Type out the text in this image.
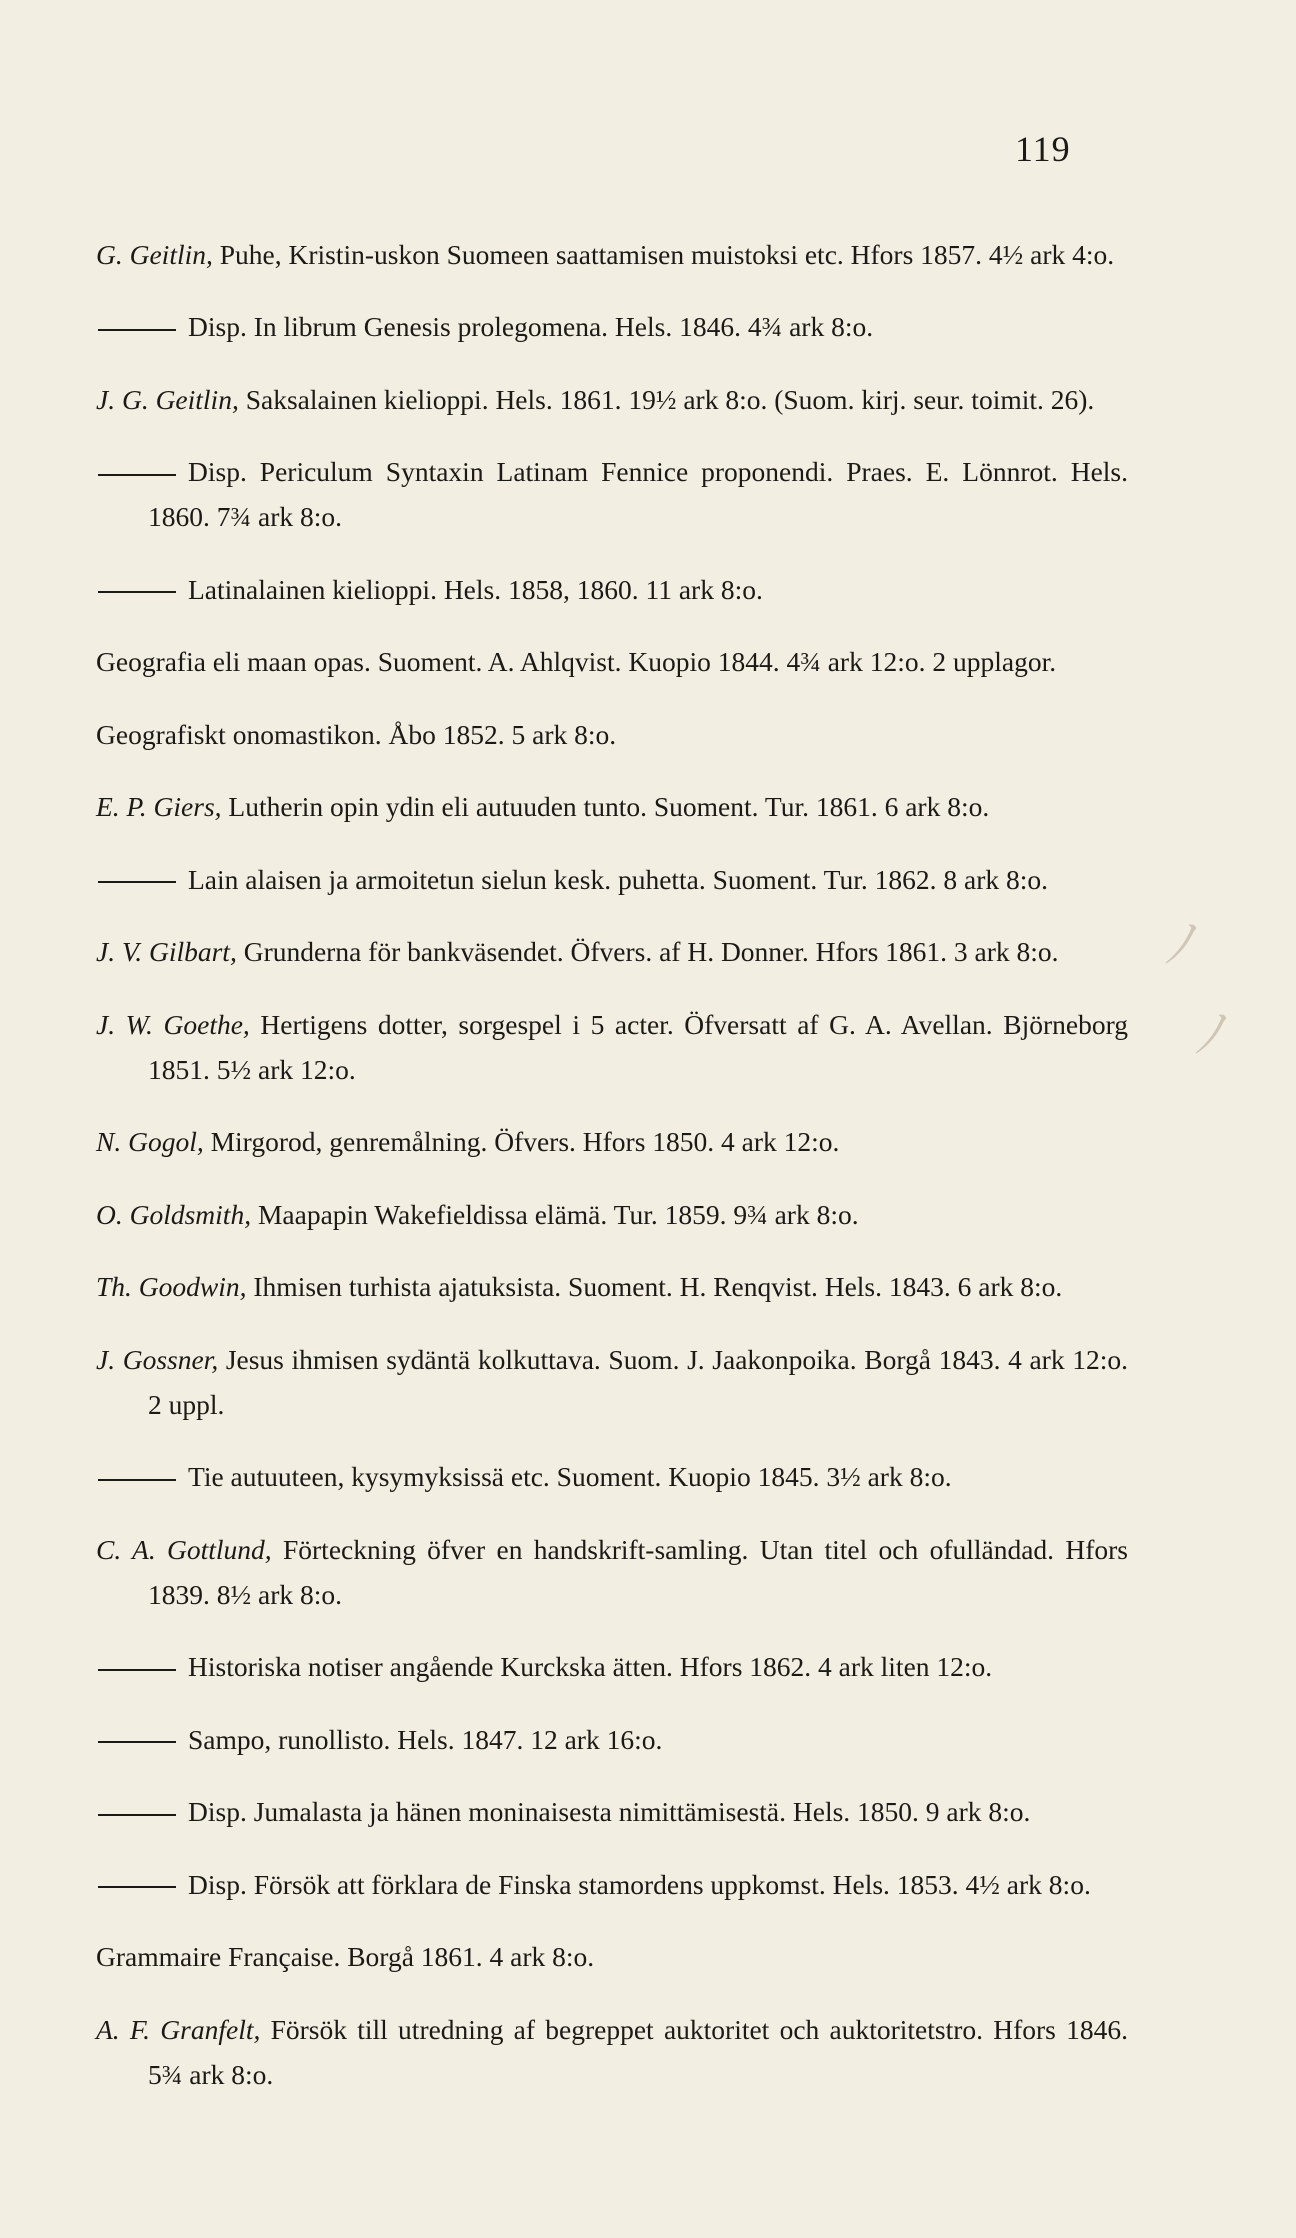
119

G. Geitlin, Puhe, Kristin-uskon Suomeen saattamisen muistoksi etc. Hfors 1857. 4½ ark 4:o.

Disp. In librum Genesis prolegomena. Hels. 1846. 4¾ ark 8:o.

J. G. Geitlin, Saksalainen kielioppi. Hels. 1861. 19½ ark 8:o. (Suom. kirj. seur. toimit. 26).

Disp. Periculum Syntaxin Latinam Fennice proponendi. Praes. E. Lönnrot. Hels. 1860. 7¾ ark 8:o.

Latinalainen kielioppi. Hels. 1858, 1860. 11 ark 8:o.

Geografia eli maan opas. Suoment. A. Ahlqvist. Kuopio 1844. 4¾ ark 12:o. 2 upplagor.

Geografiskt onomastikon. Åbo 1852. 5 ark 8:o.

E. P. Giers, Lutherin opin ydin eli autuuden tunto. Suoment. Tur. 1861. 6 ark 8:o.

Lain alaisen ja armoitetun sielun kesk. puhetta. Suoment. Tur. 1862. 8 ark 8:o.

J. V. Gilbart, Grunderna för bankväsendet. Öfvers. af H. Donner. Hfors 1861. 3 ark 8:o.

J. W. Goethe, Hertigens dotter, sorgespel i 5 acter. Öfversatt af G. A. Avellan. Björneborg 1851. 5½ ark 12:o.

N. Gogol, Mirgorod, genremålning. Öfvers. Hfors 1850. 4 ark 12:o.

O. Goldsmith, Maapapin Wakefieldissa elämä. Tur. 1859. 9¾ ark 8:o.

Th. Goodwin, Ihmisen turhista ajatuksista. Suoment. H. Renqvist. Hels. 1843. 6 ark 8:o.

J. Gossner, Jesus ihmisen sydäntä kolkuttava. Suom. J. Jaakonpoika. Borgå 1843. 4 ark 12:o. 2 uppl.

Tie autuuteen, kysymyksissä etc. Suoment. Kuopio 1845. 3½ ark 8:o.

C. A. Gottlund, Förteckning öfver en handskrift-samling. Utan titel och ofulländad. Hfors 1839. 8½ ark 8:o.

Historiska notiser angående Kurckska ätten. Hfors 1862. 4 ark liten 12:o.

Sampo, runollisto. Hels. 1847. 12 ark 16:o.

Disp. Jumalasta ja hänen moninaisesta nimittämisestä. Hels. 1850. 9 ark 8:o.

Disp. Försök att förklara de Finska stamordens uppkomst. Hels. 1853. 4½ ark 8:o.

Grammaire Française. Borgå 1861. 4 ark 8:o.

A. F. Granfelt, Försök till utredning af begreppet auktoritet och auktoritetstro. Hfors 1846. 5¾ ark 8:o.

ﾉ
ﾉ
